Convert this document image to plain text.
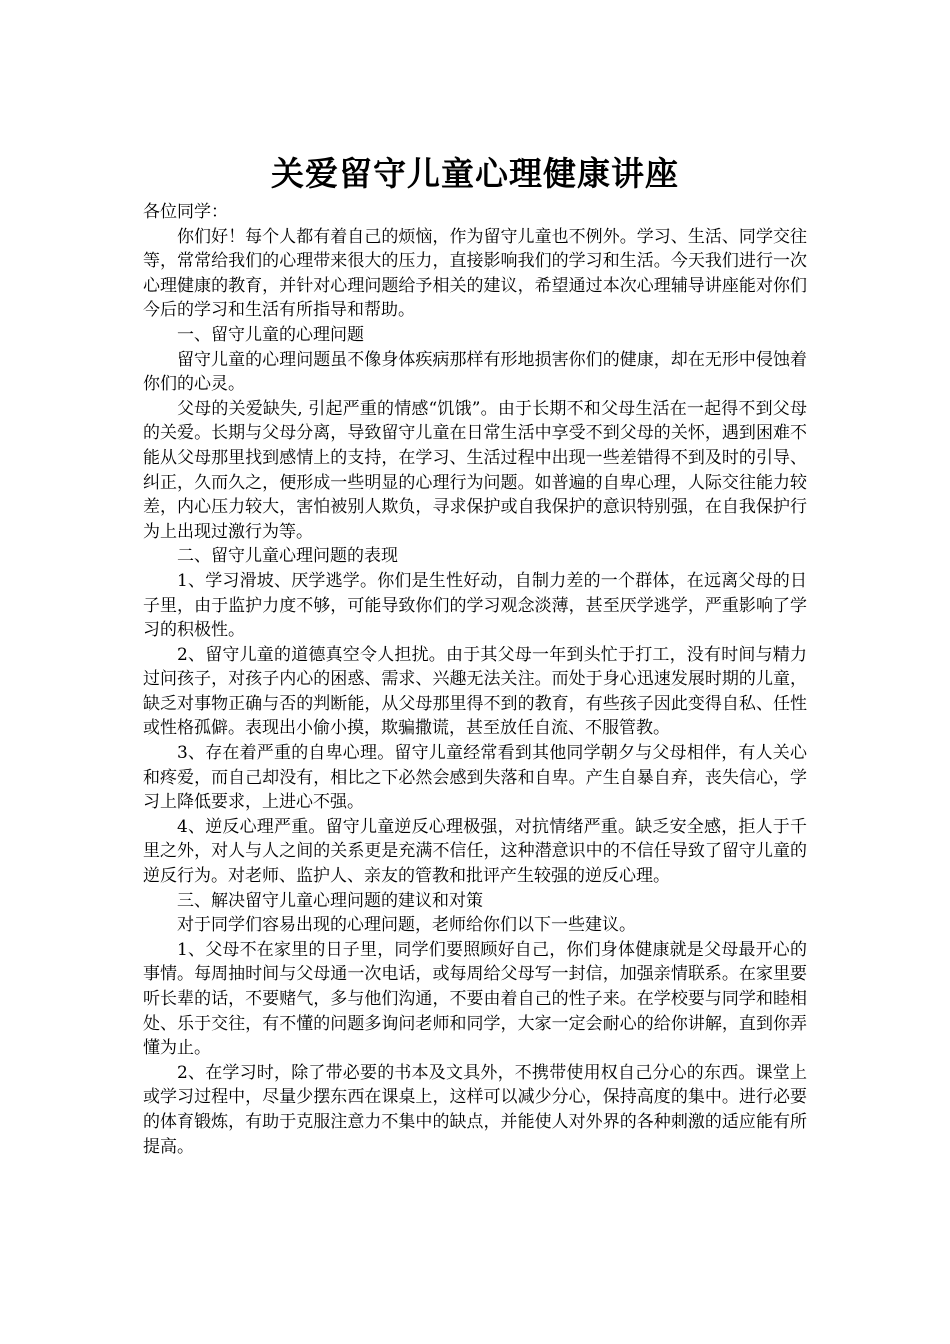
关爱留守儿童心理健康讲座

各位同学：

你们好！每个人都有着自己的烦恼，作为留守儿童也不例外。学习、生活、同学交往等，常常给我们的心理带来很大的压力，直接影响我们的学习和生活。今天我们进行一次心理健康的教育，并针对心理问题给予相关的建议，希望通过本次心理辅导讲座能对你们今后的学习和生活有所指导和帮助。

一、留守儿童的心理问题

留守儿童的心理问题虽不像身体疾病那样有形地损害你们的健康，却在无形中侵蚀着你们的心灵。

父母的关爱缺失, 引起严重的情感“饥饿”。由于长期不和父母生活在一起得不到父母的关爱。长期与父母分离，导致留守儿童在日常生活中享受不到父母的关怀，遇到困难不能从父母那里找到感情上的支持，在学习、生活过程中出现一些差错得不到及时的引导、纠正，久而久之，便形成一些明显的心理行为问题。如普遍的自卑心理，人际交往能力较差，内心压力较大，害怕被别人欺负，寻求保护或自我保护的意识特别强，在自我保护行为上出现过激行为等。

二、留守儿童心理问题的表现

1、学习滑坡、厌学逃学。你们是生性好动，自制力差的一个群体，在远离父母的日子里，由于监护力度不够，可能导致你们的学习观念淡薄，甚至厌学逃学，严重影响了学习的积极性。

2、留守儿童的道德真空令人担扰。由于其父母一年到头忙于打工，没有时间与精力过问孩子，对孩子内心的困惑、需求、兴趣无法关注。而处于身心迅速发展时期的儿童，缺乏对事物正确与否的判断能，从父母那里得不到的教育，有些孩子因此变得自私、任性或性格孤僻。表现出小偷小摸，欺骗撒谎，甚至放任自流、不服管教。

3、存在着严重的自卑心理。留守儿童经常看到其他同学朝夕与父母相伴，有人关心和疼爱，而自己却没有，相比之下必然会感到失落和自卑。产生自暴自弃，丧失信心，学习上降低要求，上进心不强。

4、逆反心理严重。留守儿童逆反心理极强，对抗情绪严重。缺乏安全感，拒人于千里之外，对人与人之间的关系更是充满不信任，这种潜意识中的不信任导致了留守儿童的逆反行为。对老师、监护人、亲友的管教和批评产生较强的逆反心理。

三、解决留守儿童心理问题的建议和对策

对于同学们容易出现的心理问题，老师给你们以下一些建议。

1、父母不在家里的日子里，同学们要照顾好自己，你们身体健康就是父母最开心的事情。每周抽时间与父母通一次电话，或每周给父母写一封信，加强亲情联系。在家里要听长辈的话，不要赌气，多与他们沟通，不要由着自己的性子来。在学校要与同学和睦相处、乐于交往，有不懂的问题多询问老师和同学，大家一定会耐心的给你讲解，直到你弄懂为止。

2、在学习时，除了带必要的书本及文具外，不携带使用权自己分心的东西。课堂上或学习过程中，尽量少摆东西在课桌上，这样可以减少分心，保持高度的集中。进行必要的体育锻炼，有助于克服注意力不集中的缺点，并能使人对外界的各种刺激的适应能有所提高。
